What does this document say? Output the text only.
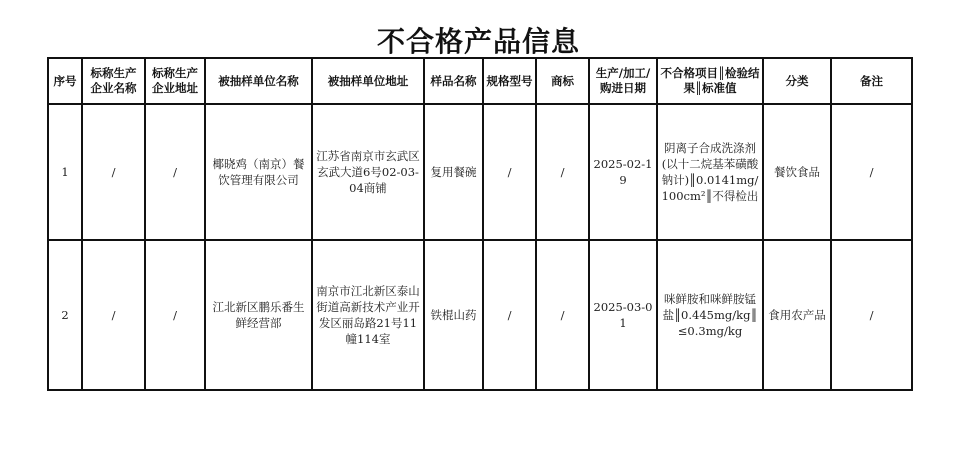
不合格产品信息
序号	标称生产企业名称	标称生产企业地址	被抽样单位名称	被抽样单位地址	样品名称	规格型号	商标	生产/加工/购进日期	不合格项目║检验结果║标准值	分类	备注
1	/	/	椰晓鸡（南京）餐饮管理有限公司	江苏省南京市玄武区玄武大道6号02-03-04商铺	复用餐碗	/	/	2025-02-19	阴离子合成洗涤剂(以十二烷基苯磺酸钠计)║0.0141mg/100cm²║不得检出	餐饮食品	/
2	/	/	江北新区鹏乐番生鲜经营部	南京市江北新区泰山街道高新技术产业开发区丽岛路21号11幢114室	铁棍山药	/	/	2025-03-01	咪鲜胺和咪鲜胺锰盐║0.445mg/kg║≤0.3mg/kg	食用农产品	/
